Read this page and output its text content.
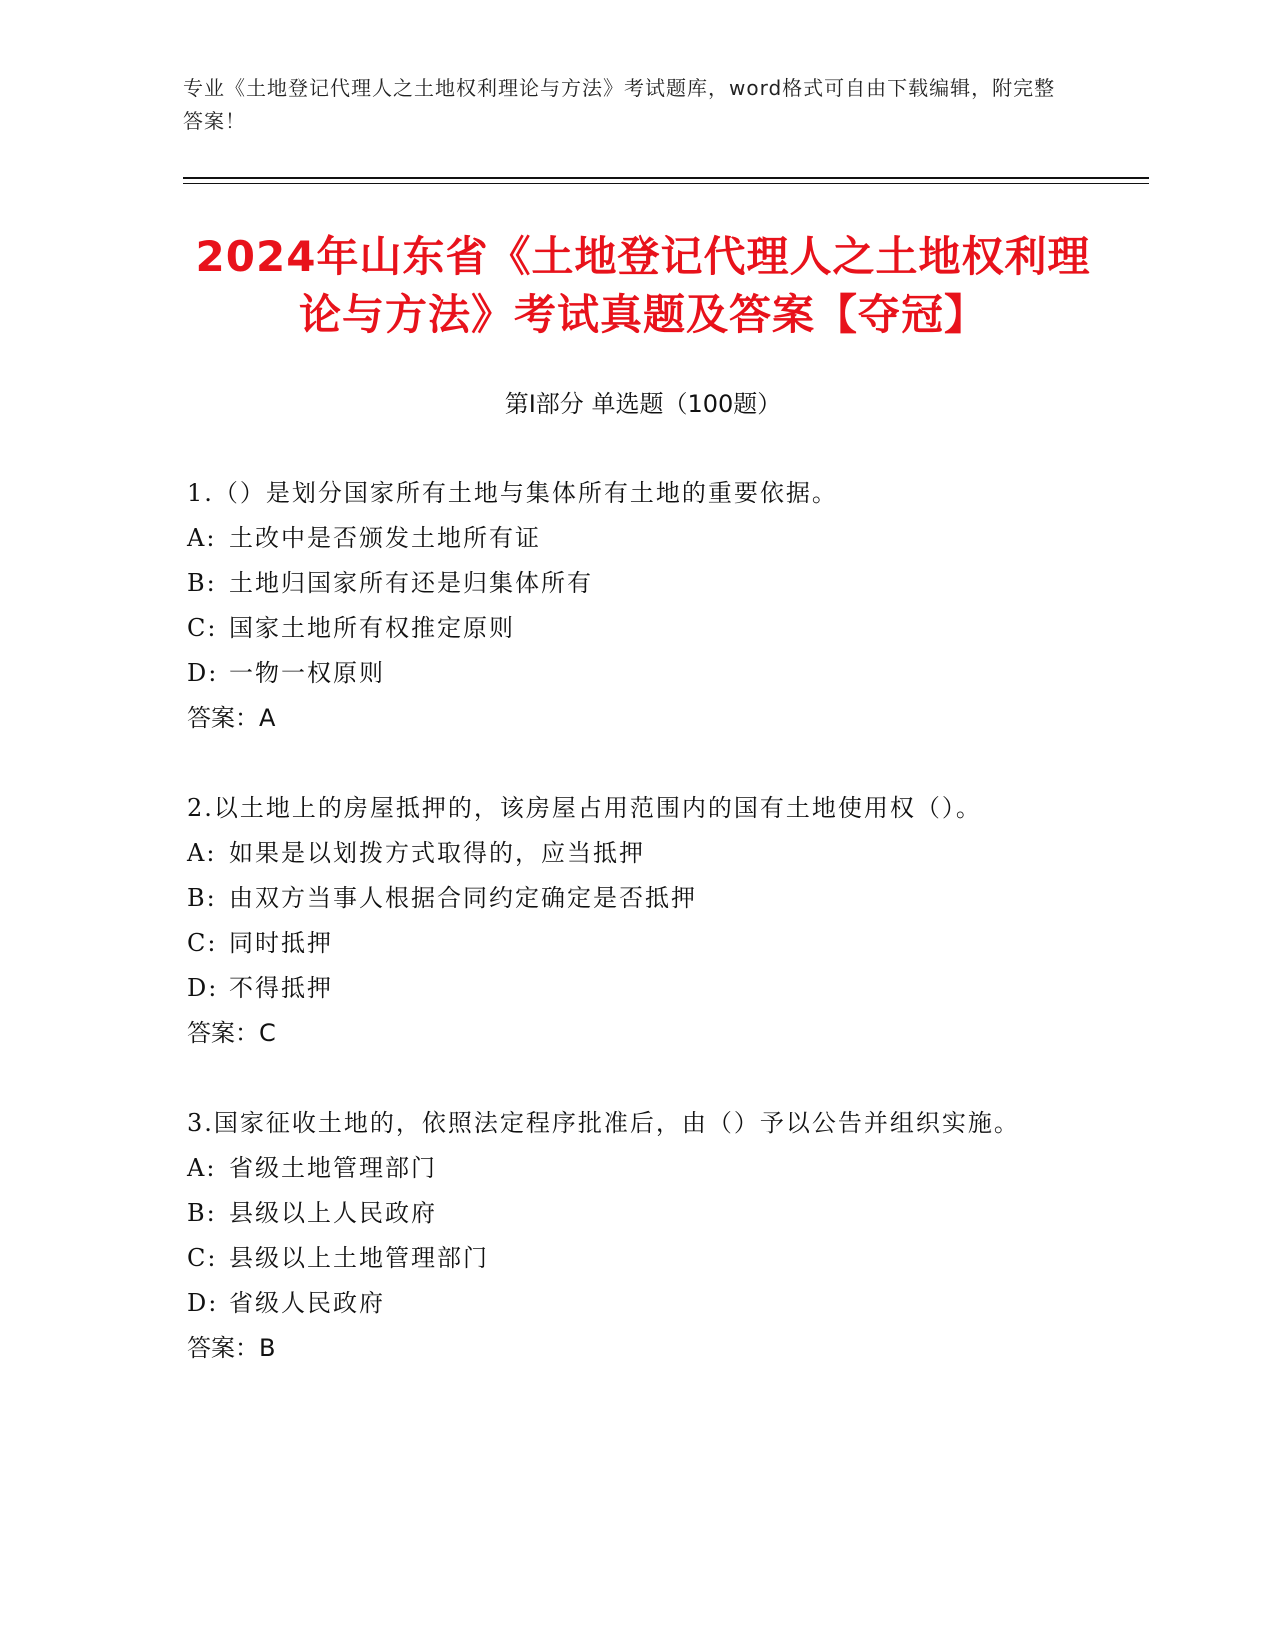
专业《土地登记代理人之土地权利理论与方法》考试题库，word格式可自由下载编辑，附完整答案！
2024年山东省《土地登记代理人之土地权利理论与方法》考试真题及答案【夺冠】
第I部分 单选题（100题）

1.（）是划分国家所有土地与集体所有土地的重要依据。

A: 土改中是否颁发土地所有证

B: 土地归国家所有还是归集体所有

C: 国家土地所有权推定原则

D: 一物一权原则

答案：A

2.以土地上的房屋抵押的，该房屋占用范围内的国有土地使用权（）。

A: 如果是以划拨方式取得的，应当抵押

B: 由双方当事人根据合同约定确定是否抵押

C: 同时抵押

D: 不得抵押

答案：C

3.国家征收土地的，依照法定程序批准后，由（）予以公告并组织实施。

A: 省级土地管理部门

B: 县级以上人民政府

C: 县级以上土地管理部门

D: 省级人民政府

答案：B
